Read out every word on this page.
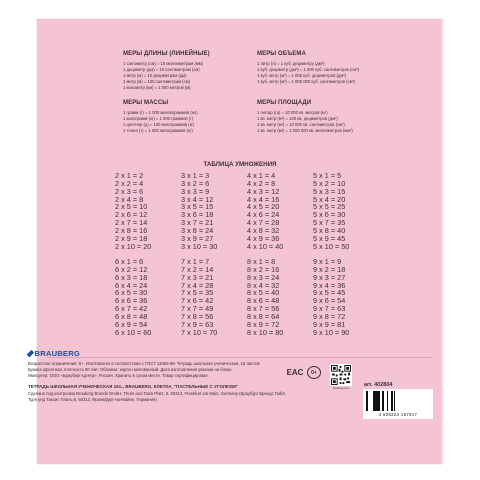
МЕРЫ ДЛИНЫ (ЛИНЕЙНЫЕ)
1 сантиметр (см) = 10 миллиметрам (мм)
1 дециметр (дм) = 10 сантиметрам (см)
1 метр (м) = 10 дециметрам (дм)
1 метр (м) = 100 сантиметрам (см)
1 километр (км) = 1 000 метров (м)
МЕРЫ ОБЪЕМА
1 литр (л) = 1 куб. дециметру (дм³)
1 куб. дециметр (дм³) = 1 000 куб. сантиметров (см³)
1 куб. метр (м³) = 1 000 куб. дециметров (дм³)
1 куб. метр (м³) = 1 000 000 куб. сантиметров (см³)
МЕРЫ МАССЫ
1 грамм (г) = 1 000 миллиграммов (мг)
1 килограмм (кг) = 1 000 граммов (г)
1 центнер (ц) = 100 килограммов (кг)
1 тонна (т) = 1 000 килограммов (кг)
МЕРЫ ПЛОЩАДИ
1 гектар (га) = 10 000 кв. метров (м²)
1 кв. метр (м²) = 100 кв. дециметров (дм²)
1 кв. метр (м²) = 10 000 кв. сантиметров (см²)
1 кв. метр (м²) = 1 000 000 кв. миллиметров (мм²)
ТАБЛИЦА УМНОЖЕНИЯ
2 x 1 = 2
2 x 2 = 4
2 x 3 = 6
2 x 4 = 8
2 x 5 = 10
2 x 6 = 12
2 x 7 = 14
2 x 8 = 16
2 x 9 = 18
2 x 10 = 20
3 x 1 = 3
3 x 2 = 6
3 x 3 = 9
3 x 4 = 12
3 x 5 = 15
3 x 6 = 18
3 x 7 = 21
3 x 8 = 24
3 x 9 = 27
3 x 10 = 30
4 x 1 = 4
4 x 2 = 8
4 x 3 = 12
4 x 4 = 16
4 x 5 = 20
4 x 6 = 24
4 x 7 = 28
4 x 8 = 32
4 x 9 = 36
4 x 10 = 40
5 x 1 = 5
5 x 2 = 10
5 x 3 = 15
5 x 4 = 20
5 x 5 = 25
5 x 6 = 30
5 x 7 = 35
5 x 8 = 40
5 x 9 = 45
5 x 10 = 50
6 x 1 = 6
6 x 2 = 12
6 x 3 = 18
6 x 4 = 24
6 x 5 = 30
6 x 6 = 36
6 x 7 = 42
6 x 8 = 48
6 x 9 = 54
6 x 10 = 60
7 x 1 = 7
7 x 2 = 14
7 x 3 = 21
7 x 4 = 28
7 x 5 = 35
7 x 6 = 42
7 x 7 = 49
7 x 8 = 56
7 x 9 = 63
7 x 10 = 70
8 x 1 = 8
8 x 2 = 16
8 x 3 = 24
8 x 4 = 32
8 x 5 = 40
8 x 6 = 48
8 x 7 = 56
8 x 8 = 64
8 x 9 = 72
8 x 10 = 80
9 x 1 = 9
9 x 2 = 18
9 x 3 = 27
9 x 4 = 36
9 x 5 = 45
9 x 6 = 54
9 x 7 = 63
9 x 8 = 72
9 x 9 = 81
9 x 10 = 90
BRAUBERG
Возрастное ограничение: 6+. Изготовлено в соответствии с ГОСТ 12063-89. Тетрадь школьная ученическая, 16 листов
Бумага офсетная, плотность 60 г/м². Обложка: картон мелованный. Дата изготовления указана на блоке.
Импортер: ООО «Брауберг-Центр», Россия. Хранить в сухом месте. Товар сертифицирован.
ТЕТРАДЬ ШКОЛЬНАЯ УЧЕНИЧЕСКАЯ 16л., BRAUBERG, КЛЕТКА, "ПАСТЕЛЬНЫЕ С УГОЛКОМ"
Сделано под контролем Brauberg Brands GmbH, Thurn and Taxis Platz, 6, 60313, Frankfurt am Main, Germany (Браубург Брендс ГмбХ,
Турн унд Таксис Платц 6, 60313, Франкфурт-на-Майне, Германия).
EAC	0+
brauberg.com
art. 402804
4 606224 157917
